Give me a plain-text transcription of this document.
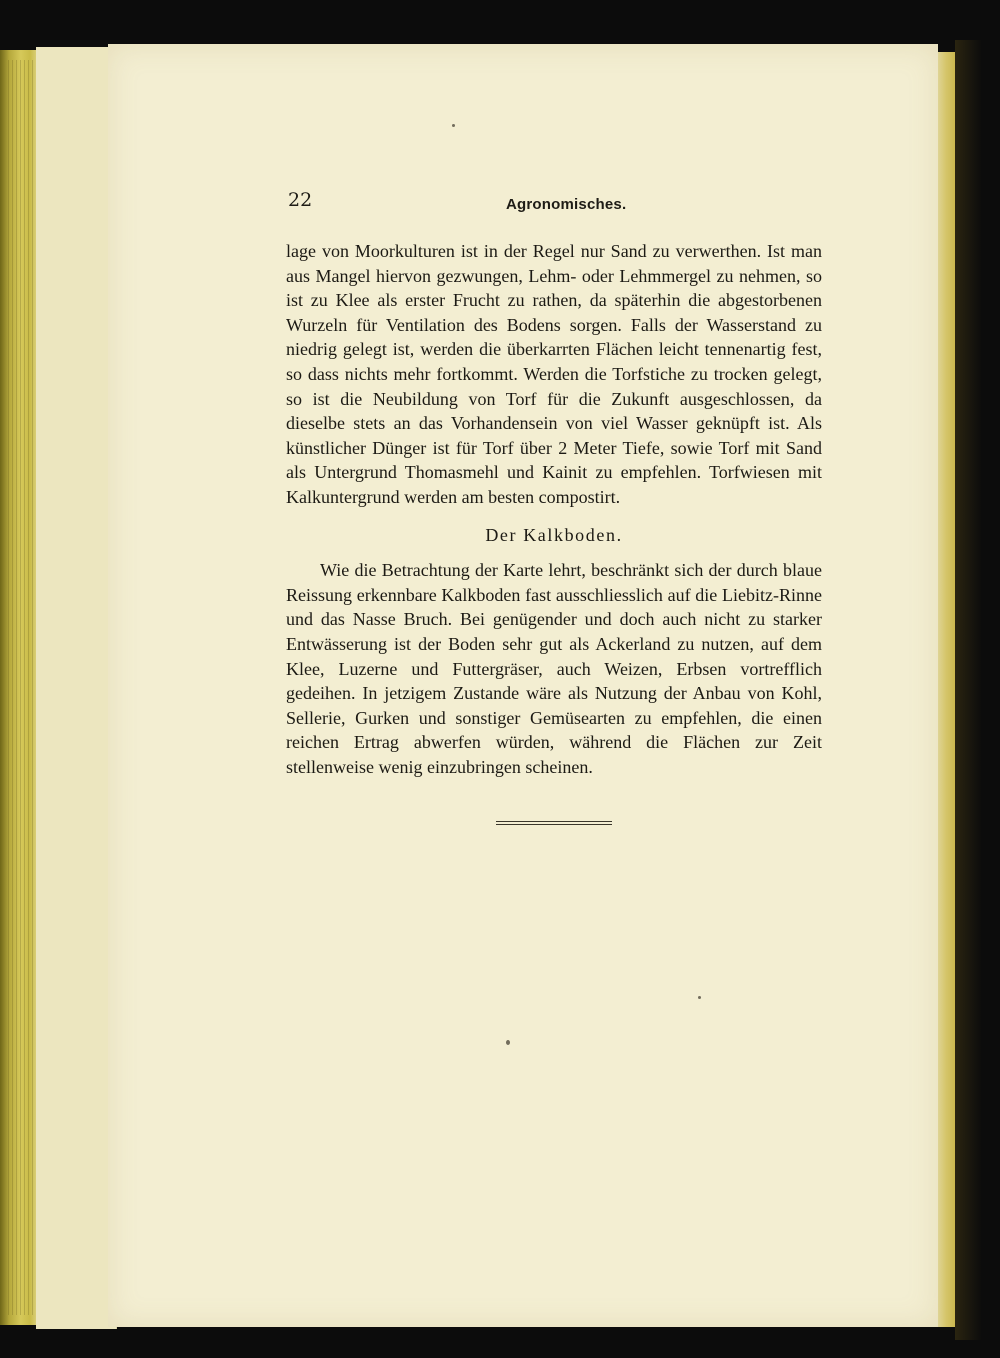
22	Agronomisches.

lage von Moorkulturen ist in der Regel nur Sand zu verwerthen. Ist man aus Mangel hiervon gezwungen, Lehm- oder Lehmmergel zu nehmen, so ist zu Klee als erster Frucht zu rathen, da späterhin die abgestorbenen Wurzeln für Ventilation des Bodens sorgen. Falls der Wasserstand zu niedrig gelegt ist, werden die überkarrten Flächen leicht tennenartig fest, so dass nichts mehr fortkommt. Werden die Torfstiche zu trocken gelegt, so ist die Neubildung von Torf für die Zukunft ausgeschlossen, da dieselbe stets an das Vorhandensein von viel Wasser geknüpft ist. Als künstlicher Dünger ist für Torf über 2 Meter Tiefe, sowie Torf mit Sand als Untergrund Thomasmehl und Kainit zu empfehlen. Torfwiesen mit Kalkuntergrund werden am besten compostirt.

Der Kalkboden.

Wie die Betrachtung der Karte lehrt, beschränkt sich der durch blaue Reissung erkennbare Kalkboden fast ausschliesslich auf die Liebitz-Rinne und das Nasse Bruch. Bei genügender und doch auch nicht zu starker Entwässerung ist der Boden sehr gut als Ackerland zu nutzen, auf dem Klee, Luzerne und Futtergräser, auch Weizen, Erbsen vortrefflich gedeihen. In jetzigem Zustande wäre als Nutzung der Anbau von Kohl, Sellerie, Gurken und sonstiger Gemüsearten zu empfehlen, die einen reichen Ertrag abwerfen würden, während die Flächen zur Zeit stellenweise wenig einzubringen scheinen.
